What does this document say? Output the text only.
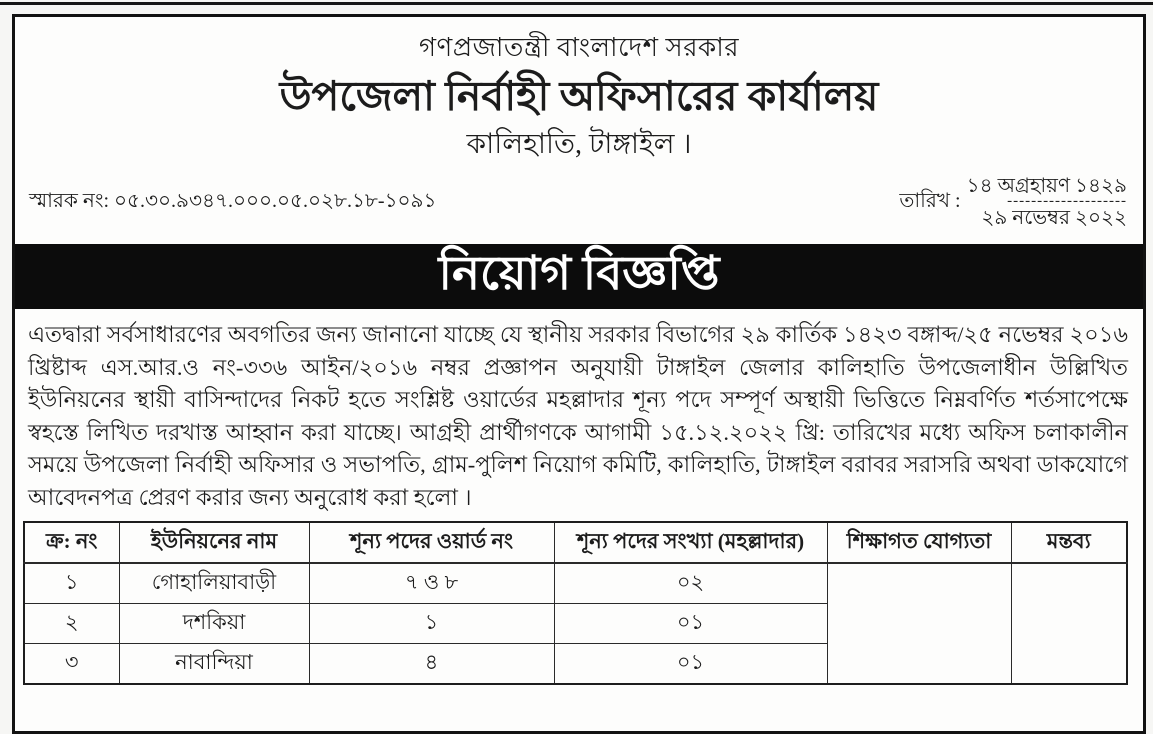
গণপ্রজাতন্ত্রী বাংলাদেশ সরকার
উপজেলা নির্বাহী অফিসারের কার্যালয়
কালিহাতি, টাঙ্গাইল ।
স্মারক নং: ০৫.৩০.৯৩৪৭.০০০.০৫.০২৮.১৮-১০৯১	তারিখ :
১৪ অগ্রহায়ণ ১৪২৯
--------------------
২৯ নভেম্বর ২০২২
নিয়োগ বিজ্ঞপ্তি
এতদ্বারা সর্বসাধারণের অবগতির জন্য জানানো যাচ্ছে যে স্থানীয় সরকার বিভাগের ২৯ কার্তিক ১৪২৩ বঙ্গাব্দ/২৫ নভেম্বর ২০১৬ খ্রিষ্টাব্দ এস.আর.ও নং-৩৩৬ আইন/২০১৬ নম্বর প্রজ্ঞাপন অনুযায়ী টাঙ্গাইল জেলার কালিহাতি উপজেলাধীন উল্লিখিত ইউনিয়নের স্থায়ী বাসিন্দাদের নিকট হতে সংশ্লিষ্ট ওয়ার্ডের মহল্লাদার শূন্য পদে সম্পূর্ণ অস্থায়ী ভিত্তিতে নিম্নবর্ণিত শর্তসাপেক্ষে স্বহস্তে লিখিত দরখাস্ত আহ্বান করা যাচ্ছে। আগ্রহী প্রার্থীগণকে আগামী ১৫.১২.২০২২ খ্রি: তারিখের মধ্যে অফিস চলাকালীন সময়ে উপজেলা নির্বাহী অফিসার ও সভাপতি, গ্রাম-পুলিশ নিয়োগ কমিটি, কালিহাতি, টাঙ্গাইল বরাবর সরাসরি অথবা ডাকযোগে আবেদনপত্র প্রেরণ করার জন্য অনুরোধ করা হলো ।
ক্র: নং	ইউনিয়নের নাম	শূন্য পদের ওয়ার্ড নং	শূন্য পদের সংখ্যা (মহল্লাদার)	শিক্ষাগত যোগ্যতা	মন্তব্য
১	গোহালিয়াবাড়ী	৭ ও ৮	০২		
২	দশকিয়া	১	০১		
৩	নাবান্দিয়া	৪	০১		
